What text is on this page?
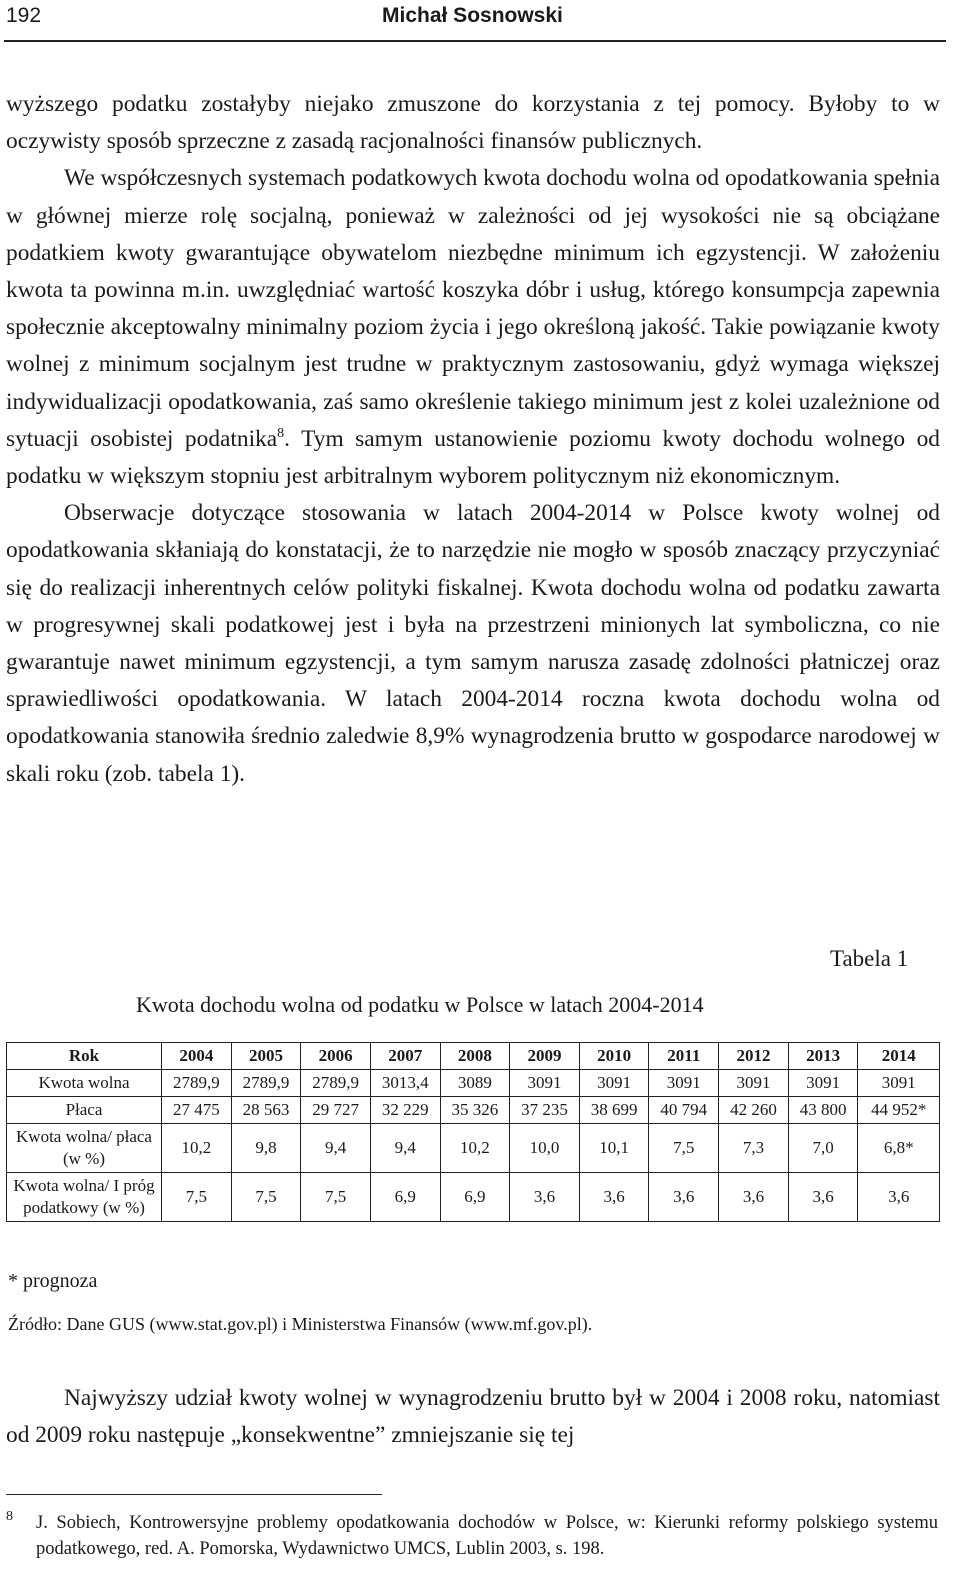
192	Michał Sosnowski

wyższego podatku zostałyby niejako zmuszone do korzystania z tej pomocy. Byłoby to w oczywisty sposób sprzeczne z zasadą racjonalności finansów publicznych.

We współczesnych systemach podatkowych kwota dochodu wolna od opodatkowania spełnia w głównej mierze rolę socjalną, ponieważ w zależności od jej wysokości nie są obciążane podatkiem kwoty gwarantujące obywatelom niezbędne minimum ich egzystencji. W założeniu kwota ta powinna m.in. uwzględniać wartość koszyka dóbr i usług, którego konsumpcja zapewnia społecznie akceptowalny minimalny poziom życia i jego określoną jakość. Takie powiązanie kwoty wolnej z minimum socjalnym jest trudne w praktycznym zastosowaniu, gdyż wymaga większej indywidualizacji opodatkowania, zaś samo określenie takiego minimum jest z kolei uzależnione od sytuacji osobistej podatnika$^8$. Tym samym ustanowienie poziomu kwoty dochodu wolnego od podatku w większym stopniu jest arbitralnym wyborem politycznym niż ekonomicznym.

Obserwacje dotyczące stosowania w latach 2004-2014 w Polsce kwoty wolnej od opodatkowania skłaniają do konstatacji, że to narzędzie nie mogło w sposób znaczący przyczyniać się do realizacji inherentnych celów polityki fiskalnej. Kwota dochodu wolna od podatku zawarta w progresywnej skali podatkowej jest i była na przestrzeni minionych lat symboliczna, co nie gwarantuje nawet minimum egzystencji, a tym samym narusza zasadę zdolności płatniczej oraz sprawiedliwości opodatkowania. W latach 2004-2014 roczna kwota dochodu wolna od opodatkowania stanowiła średnio zaledwie 8,9% wynagrodzenia brutto w gospodarce narodowej w skali roku (zob. tabela 1).

Tabela 1
Kwota dochodu wolna od podatku w Polsce w latach 2004-2014
Rok	2004	2005	2006	2007	2008	2009	2010	2011	2012	2013	2014
Kwota wolna	2789,9	2789,9	2789,9	3013,4	3089	3091	3091	3091	3091	3091	3091
Płaca	27 475	28 563	29 727	32 229	35 326	37 235	38 699	40 794	42 260	43 800	44 952*
Kwota wolna/ płaca (w %)	10,2	9,8	9,4	9,4	10,2	10,0	10,1	7,5	7,3	7,0	6,8*
Kwota wolna/ I próg podatkowy (w %)	7,5	7,5	7,5	6,9	6,9	3,6	3,6	3,6	3,6	3,6	3,6
* prognoza
Źródło: Dane GUS (www.stat.gov.pl) i Ministerstwa Finansów (www.mf.gov.pl).

Najwyższy udział kwoty wolnej w wynagrodzeniu brutto był w 2004 i 2008 roku, natomiast od 2009 roku następuje „konsekwentne” zmniejszanie się tej

8 J. Sobiech, Kontrowersyjne problemy opodatkowania dochodów w Polsce, w: Kierunki reformy polskiego systemu podatkowego, red. A. Pomorska, Wydawnictwo UMCS, Lublin 2003, s. 198.
